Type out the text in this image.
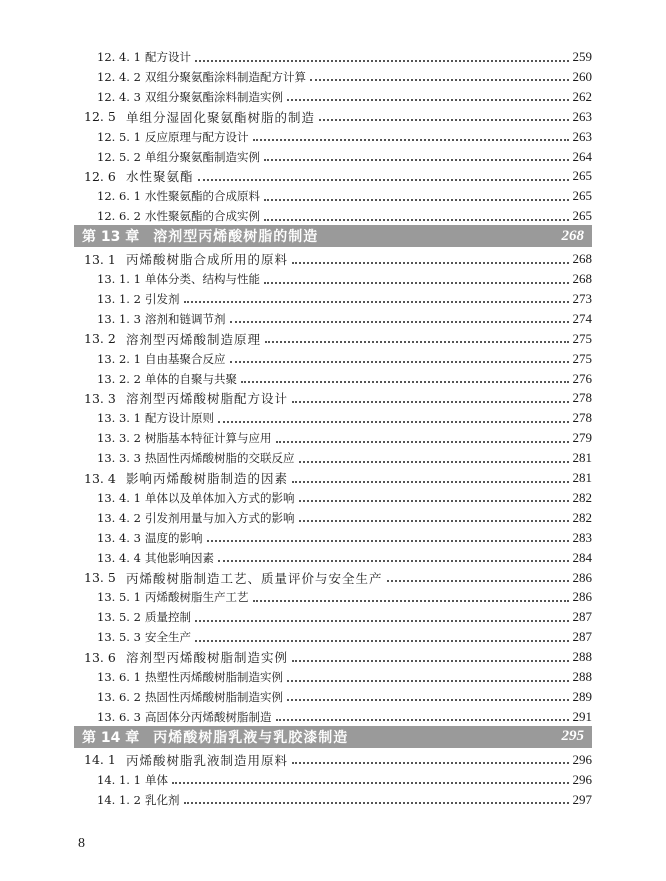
12. 4. 1 配方设计	259
12. 4. 2 双组分聚氨酯涂料制造配方计算	260
12. 4. 3 双组分聚氨酯涂料制造实例	262
12. 5 单组分湿固化聚氨酯树脂的制造	263
12. 5. 1 反应原理与配方设计	263
12. 5. 2 单组分聚氨酯制造实例	264
12. 6 水性聚氨酯	265
12. 6. 1 水性聚氨酯的合成原料	265
12. 6. 2 水性聚氨酯的合成实例	265
第 13 章 溶剂型丙烯酸树脂的制造	268
13. 1 丙烯酸树脂合成所用的原料	268
13. 1. 1 单体分类、结构与性能	268
13. 1. 2 引发剂	273
13. 1. 3 溶剂和链调节剂	274
13. 2 溶剂型丙烯酸制造原理	275
13. 2. 1 自由基聚合反应	275
13. 2. 2 单体的自聚与共聚	276
13. 3 溶剂型丙烯酸树脂配方设计	278
13. 3. 1 配方设计原则	278
13. 3. 2 树脂基本特征计算与应用	279
13. 3. 3 热固性丙烯酸树脂的交联反应	281
13. 4 影响丙烯酸树脂制造的因素	281
13. 4. 1 单体以及单体加入方式的影响	282
13. 4. 2 引发剂用量与加入方式的影响	282
13. 4. 3 温度的影响	283
13. 4. 4 其他影响因素	284
13. 5 丙烯酸树脂制造工艺、质量评价与安全生产	286
13. 5. 1 丙烯酸树脂生产工艺	286
13. 5. 2 质量控制	287
13. 5. 3 安全生产	287
13. 6 溶剂型丙烯酸树脂制造实例	288
13. 6. 1 热塑性丙烯酸树脂制造实例	288
13. 6. 2 热固性丙烯酸树脂制造实例	289
13. 6. 3 高固体分丙烯酸树脂制造	291
第 14 章 丙烯酸树脂乳液与乳胶漆制造	295
14. 1 丙烯酸树脂乳液制造用原料	296
14. 1. 1 单体	296
14. 1. 2 乳化剂	297
8
